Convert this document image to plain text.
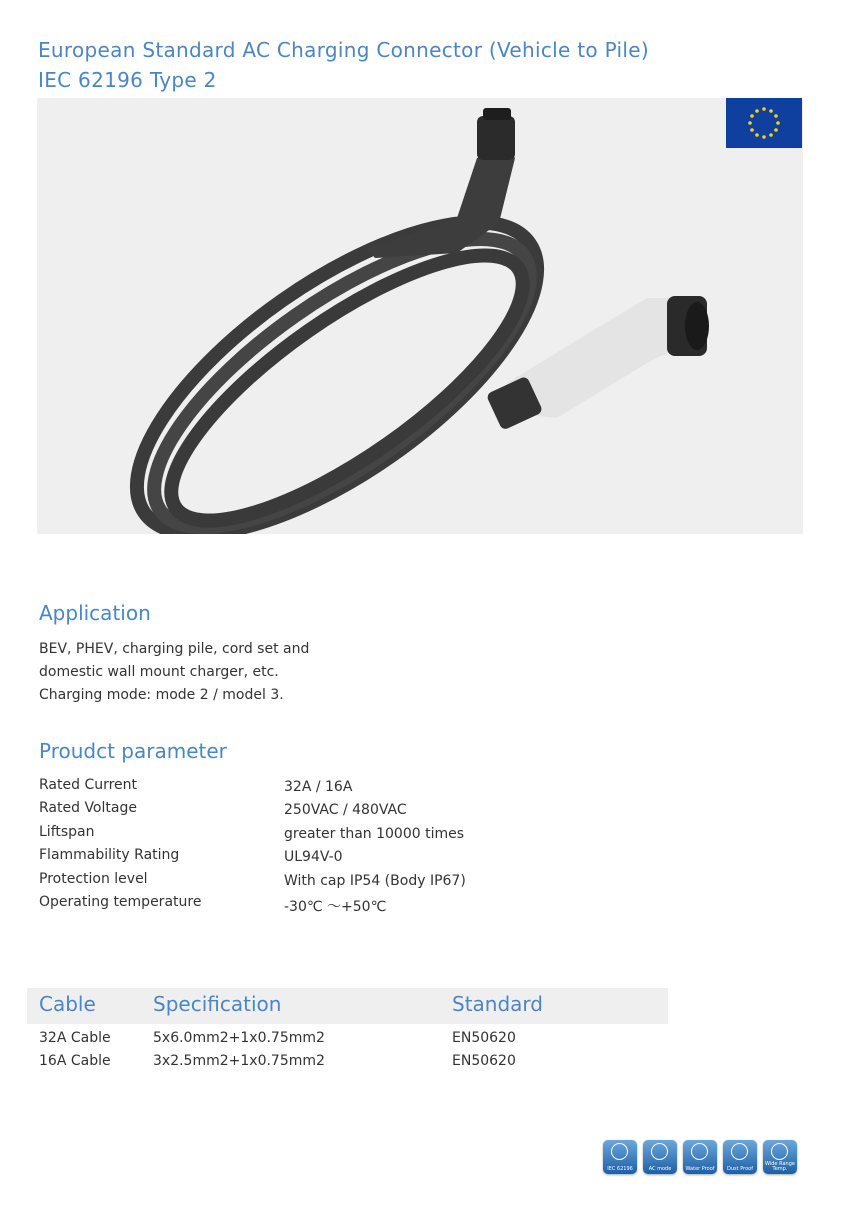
European Standard AC Charging Connector (Vehicle to Pile)
IEC 62196 Type 2
Application
BEV, PHEV, charging pile, cord set and
domestic wall mount charger, etc.
Charging mode: mode 2 / model 3.
Proudct parameter
Rated Current	32A / 16A
Rated Voltage	250VAC / 480VAC
Liftspan	greater than 10000 times
Flammability Rating	UL94V-0
Protection level	With cap IP54 (Body IP67)
Operating temperature	-30℃ ～+50℃
Cable	Specification	Standard
32A Cable	5x6.0mm2+1x0.75mm2	EN50620
16A Cable	3x2.5mm2+1x0.75mm2	EN50620
IEC 62196	AC mode	Water Proof	Dust Proof
Wide Range Temp.
